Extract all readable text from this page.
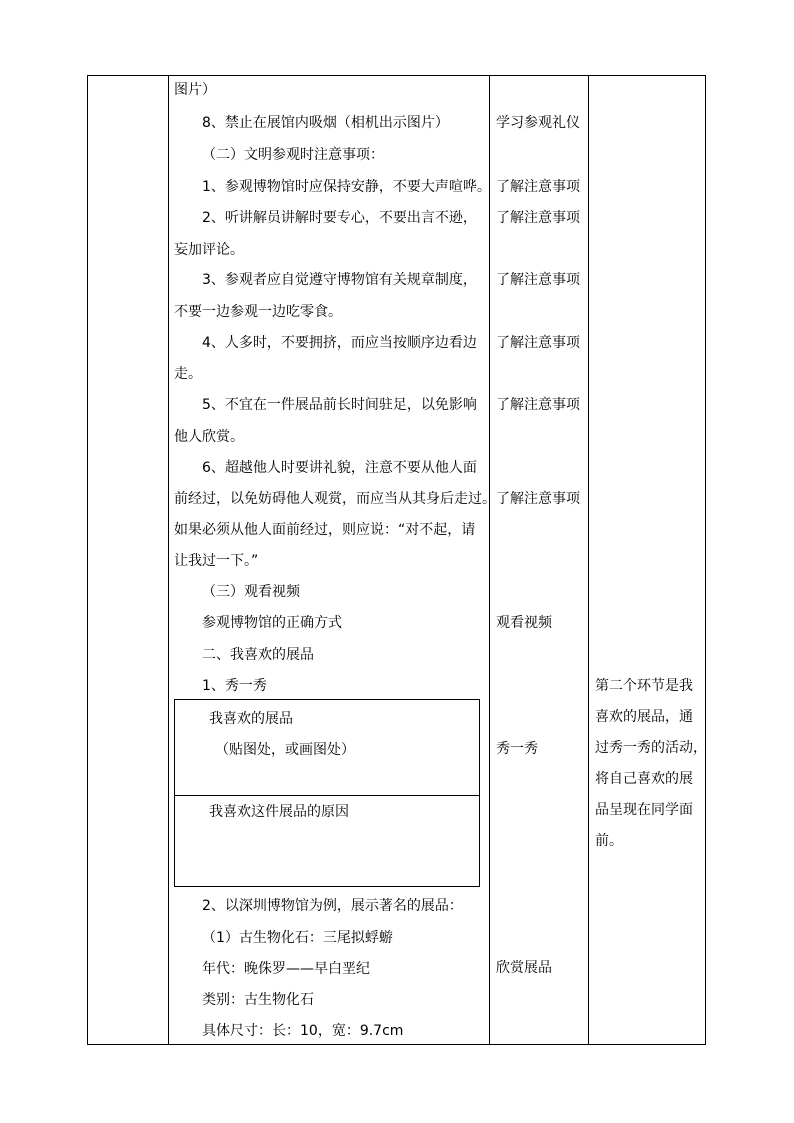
图片）
8、禁止在展馆内吸烟（相机出示图片）
（二）文明参观时注意事项：
1、参观博物馆时应保持安静，不要大声喧哗。
2、听讲解员讲解时要专心，不要出言不逊，
妄加评论。
3、参观者应自觉遵守博物馆有关规章制度，
不要一边参观一边吃零食。
4、人多时，不要拥挤，而应当按顺序边看边
走。
5、不宜在一件展品前长时间驻足，以免影响
他人欣赏。
6、超越他人时要讲礼貌，注意不要从他人面
前经过，以免妨碍他人观赏，而应当从其身后走过。
如果必须从他人面前经过，则应说：“对不起，请
让我过一下。”
（三）观看视频
参观博物馆的正确方式
二、我喜欢的展品
1、秀一秀
2、以深圳博物馆为例，展示著名的展品：
（1）古生物化石：三尾拟蜉蝣
年代：晚侏罗——早白垩纪
类别：古生物化石
具体尺寸：长：10，宽：9.7cm
我喜欢的展品
（贴图处，或画图处）
我喜欢这件展品的原因
学习参观礼仪
了解注意事项
了解注意事项
了解注意事项
了解注意事项
了解注意事项
了解注意事项
观看视频
秀一秀
欣赏展品
第二个环节是我
喜欢的展品，通
过秀一秀的活动，
将自己喜欢的展
品呈现在同学面
前。
